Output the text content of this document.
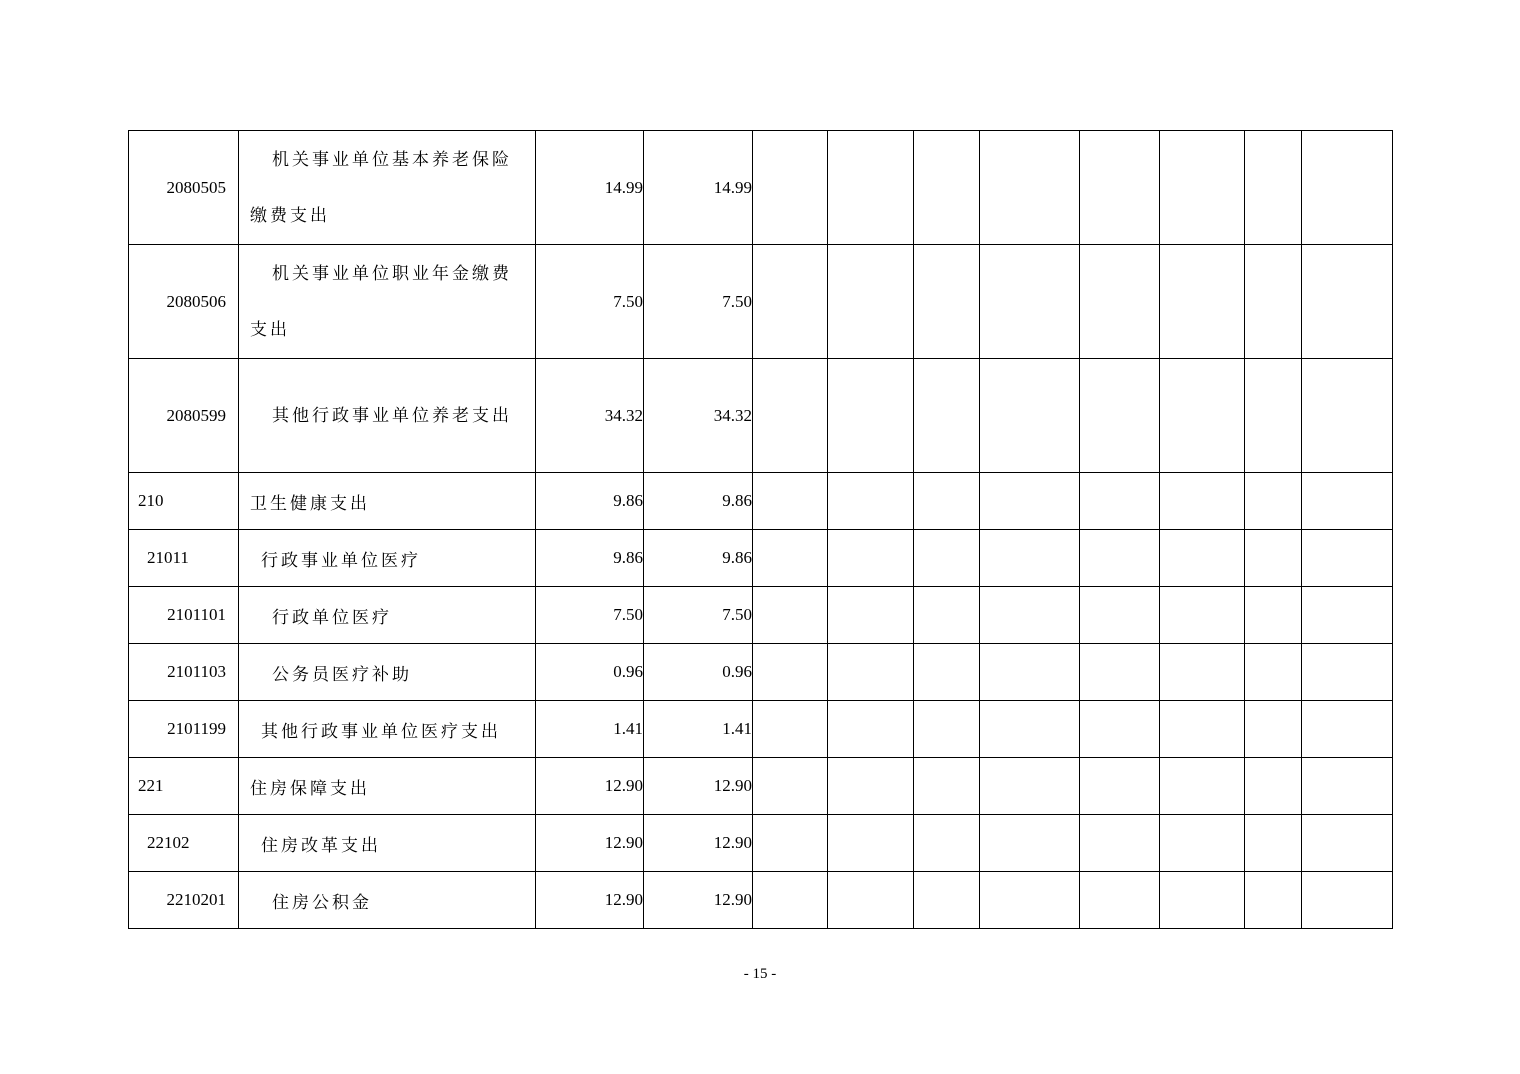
2080505	机关事业单位基本养老保险缴费支出	14.99	14.99								
2080506	机关事业单位职业年金缴费支出	7.50	7.50								
2080599	其他行政事业单位养老支出	34.32	34.32								
210	卫生健康支出	9.86	9.86								
21011	行政事业单位医疗	9.86	9.86								
2101101	行政单位医疗	7.50	7.50								
2101103	公务员医疗补助	0.96	0.96								
2101199	其他行政事业单位医疗支出	1.41	1.41								
221	住房保障支出	12.90	12.90								
22102	住房改革支出	12.90	12.90								
2210201	住房公积金	12.90	12.90								
- 15 -
